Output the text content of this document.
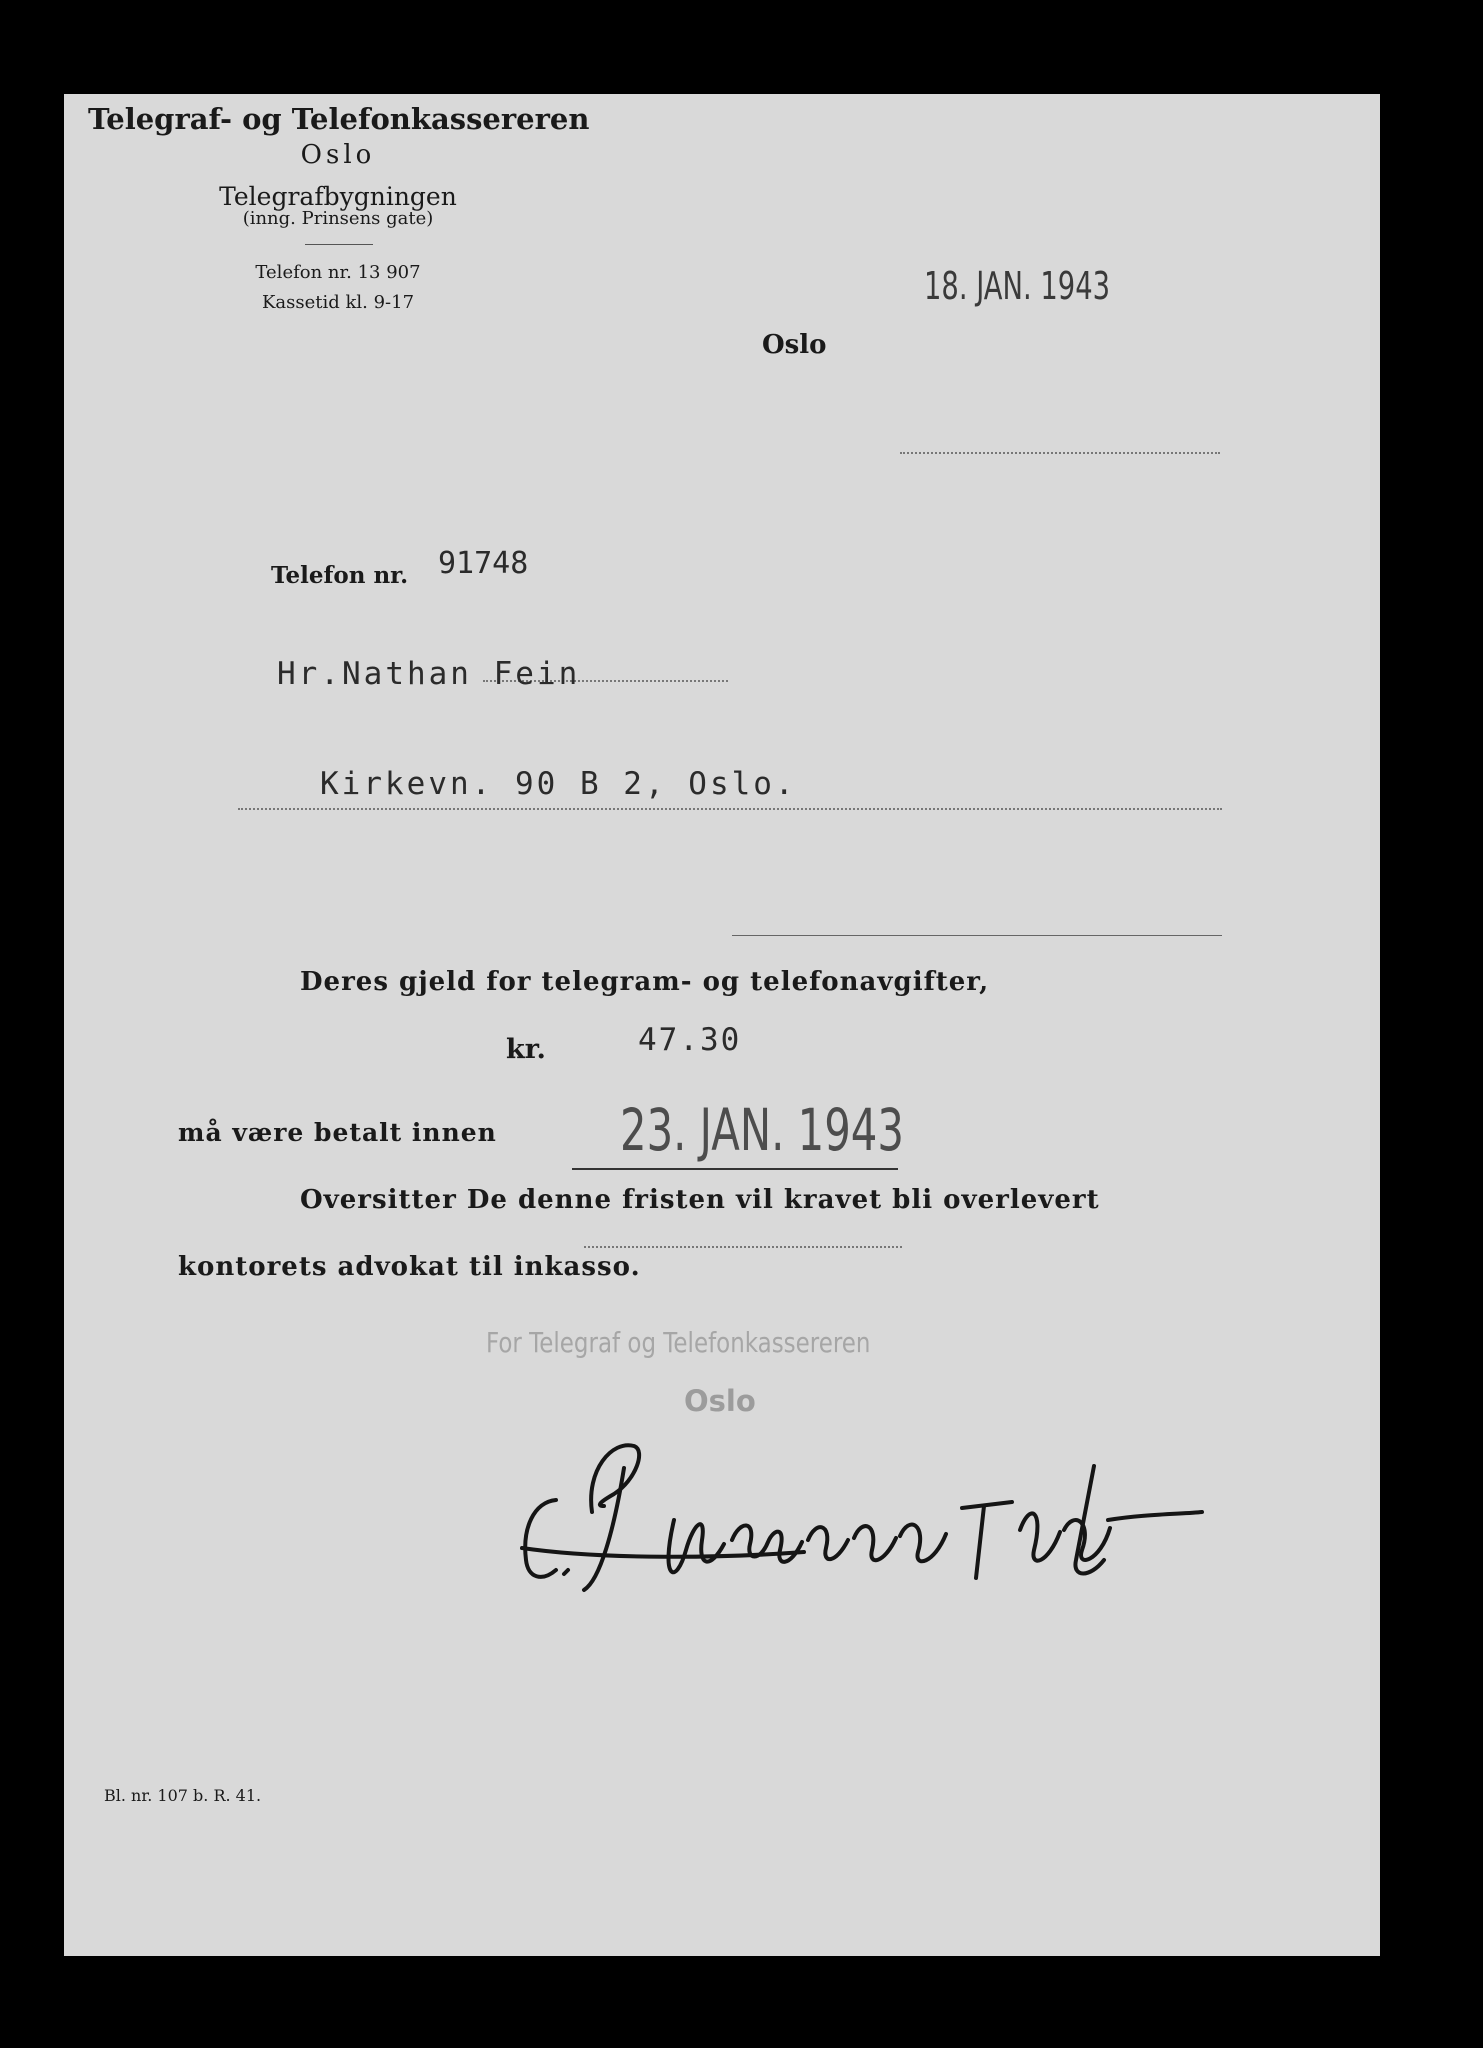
Telegraf- og Telefonkassereren
Oslo
Telegrafbygningen
(inng. Prinsens gate)
Telefon nr. 13 907
Kassetid kl. 9-17	18. JAN. 1943
Oslo
Telefon nr. 91748
Hr.Nathan Fein
Kirkevn. 90 B 2, Oslo.
Deres gjeld for telegram- og telefonavgifter,
kr.	47.30
må være betalt innen 23. JAN. 1943
Oversitter De denne fristen vil kravet bli overlevert
kontorets advokat til inkasso.
For Telegraf og Telefonkassereren
Oslo
Bl. nr. 107 b. R. 41.
